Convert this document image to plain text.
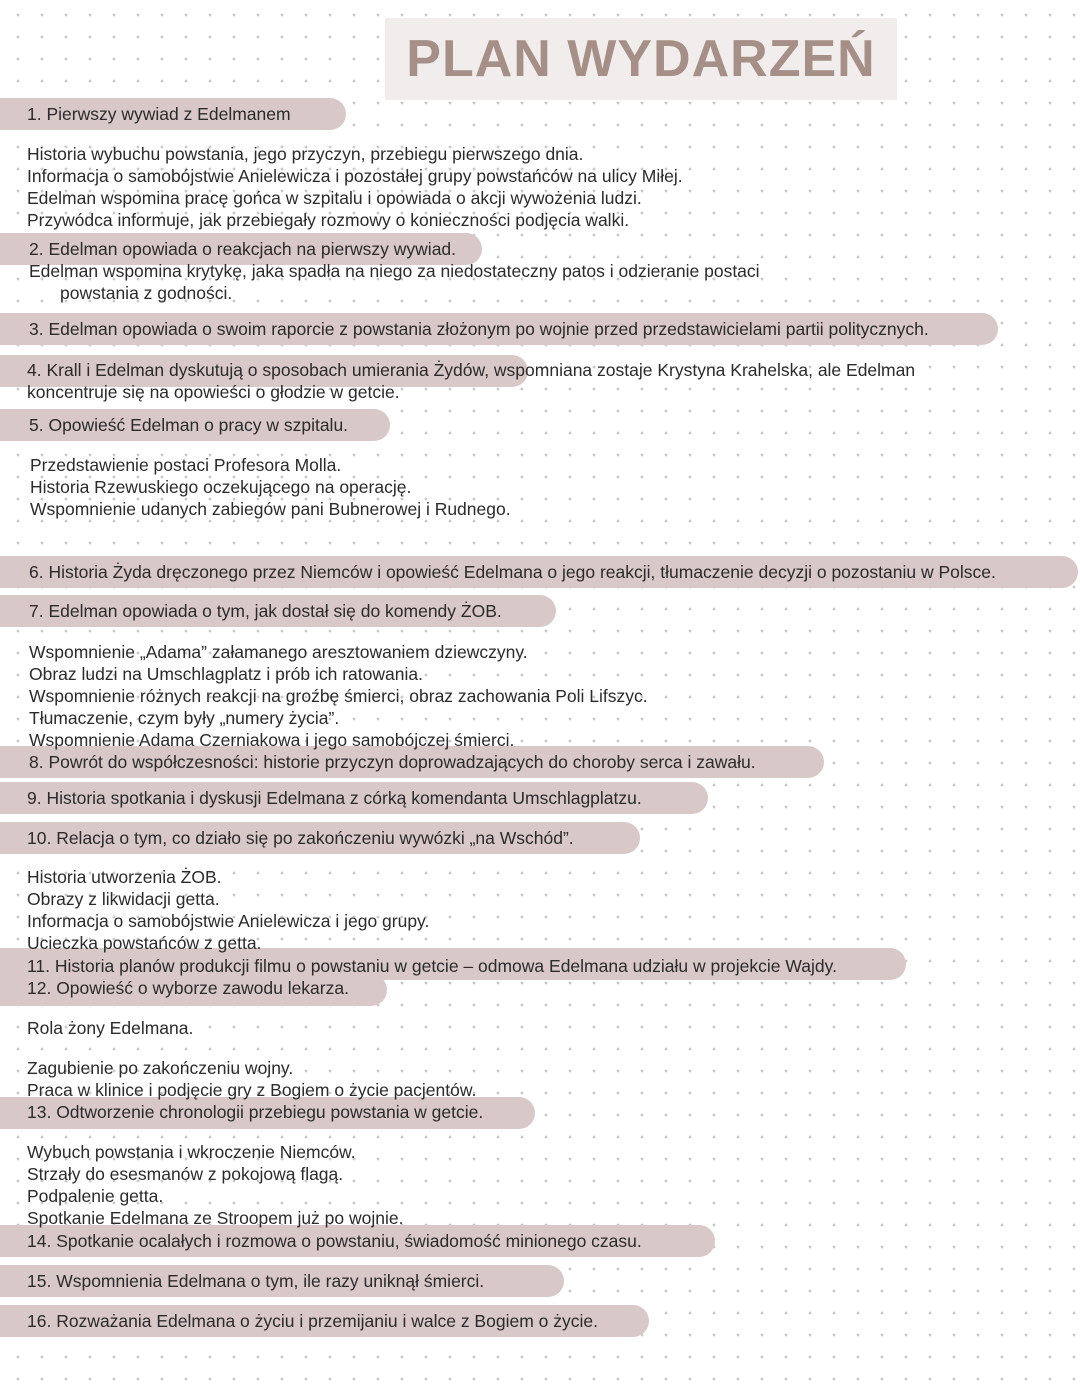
PLAN WYDARZEŃ
1. Pierwszy wywiad z Edelmanem
Historia wybuchu powstania, jego przyczyn, przebiegu pierwszego dnia.
Informacja o samobójstwie Anielewicza i pozostałej grupy powstańców na ulicy Miłej.
Edelman wspomina pracę gońca w szpitalu i opowiada o akcji wywożenia ludzi.
Przywódca informuje, jak przebiegały rozmowy o konieczności podjęcia walki.
2. Edelman opowiada o reakcjach na pierwszy wywiad.
Edelman wspomina krytykę, jaka spadła na niego za niedostateczny patos i odzieranie postaci
powstania z godności.
3. Edelman opowiada o swoim raporcie z powstania złożonym po wojnie przed przedstawicielami partii politycznych.
4. Krall i Edelman dyskutują o sposobach umierania Żydów, wspomniana zostaje Krystyna Krahelska, ale Edelman
koncentruje się na opowieści o głodzie w getcie.
5. Opowieść Edelman o pracy w szpitalu.
Przedstawienie postaci Profesora Molla.
Historia Rzewuskiego oczekującego na operację.
Wspomnienie udanych zabiegów pani Bubnerowej i Rudnego.
6. Historia Żyda dręczonego przez Niemców i opowieść Edelmana o jego reakcji, tłumaczenie decyzji o pozostaniu w Polsce.
7. Edelman opowiada o tym, jak dostał się do komendy ŻOB.
Wspomnienie „Adama” załamanego aresztowaniem dziewczyny.
Obraz ludzi na Umschlagplatz i prób ich ratowania.
Wspomnienie różnych reakcji na groźbę śmierci, obraz zachowania Poli Lifszyc.
Tłumaczenie, czym były „numery życia”.
Wspomnienie Adama Czerniakowa i jego samobójczej śmierci.
8. Powrót do współczesności: historie przyczyn doprowadzających do choroby serca i zawału.
9. Historia spotkania i dyskusji Edelmana z córką komendanta Umschlagplatzu.
10. Relacja o tym, co działo się po zakończeniu wywózki „na Wschód”.
Historia utworzenia ŻOB.
Obrazy z likwidacji getta.
Informacja o samobójstwie Anielewicza i jego grupy.
Ucieczka powstańców z getta.
11. Historia planów produkcji filmu o powstaniu w getcie – odmowa Edelmana udziału w projekcie Wajdy.
12. Opowieść o wyborze zawodu lekarza.
Rola żony Edelmana.
Zagubienie po zakończeniu wojny.
Praca w klinice i podjęcie gry z Bogiem o życie pacjentów.
13. Odtworzenie chronologii przebiegu powstania w getcie.
Wybuch powstania i wkroczenie Niemców.
Strzały do esesmanów z pokojową flagą.
Podpalenie getta.
Spotkanie Edelmana ze Stroopem już po wojnie.
14. Spotkanie ocalałych i rozmowa o powstaniu, świadomość minionego czasu.
15. Wspomnienia Edelmana o tym, ile razy uniknął śmierci.
16. Rozważania Edelmana o życiu i przemijaniu i walce z Bogiem o życie.
